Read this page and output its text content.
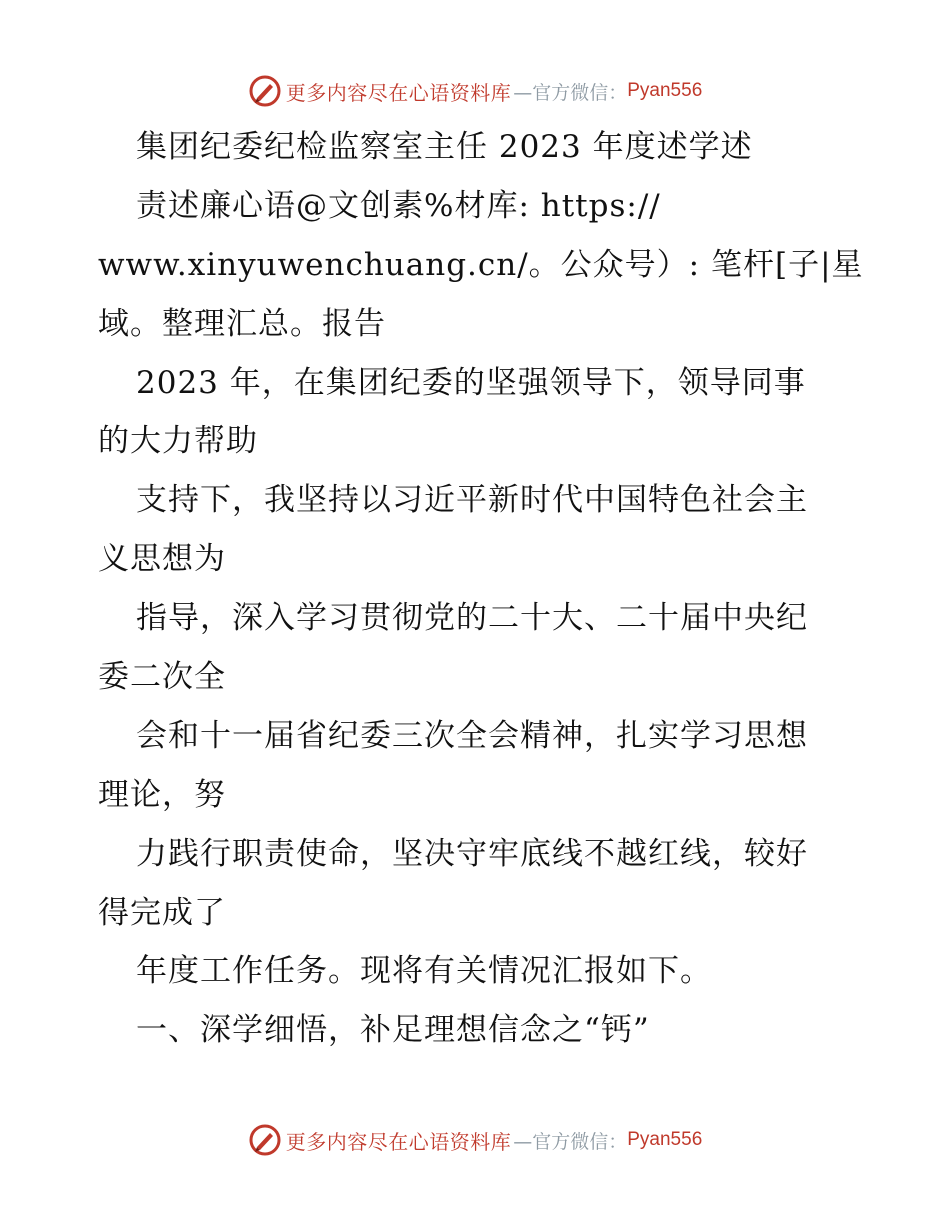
更多内容尽在心语资料库 —官方微信： Pyan556
集团纪委纪检监察室主任 2023 年度述学述
责述廉心语@文创素%材库: https://
www.xinyuwenchuang.cn/。公众号）: 笔杆[子|星
域。整理汇总。报告
2023 年，在集团纪委的坚强领导下，领导同事
的大力帮助
支持下，我坚持以习近平新时代中国特色社会主
义思想为
指导，深入学习贯彻党的二十大、二十届中央纪
委二次全
会和十一届省纪委三次全会精神，扎实学习思想
理论，努
力践行职责使命，坚决守牢底线不越红线，较好
得完成了
年度工作任务。现将有关情况汇报如下。
一、深学细悟，补足理想信念之“钙”
更多内容尽在心语资料库 —官方微信： Pyan556
